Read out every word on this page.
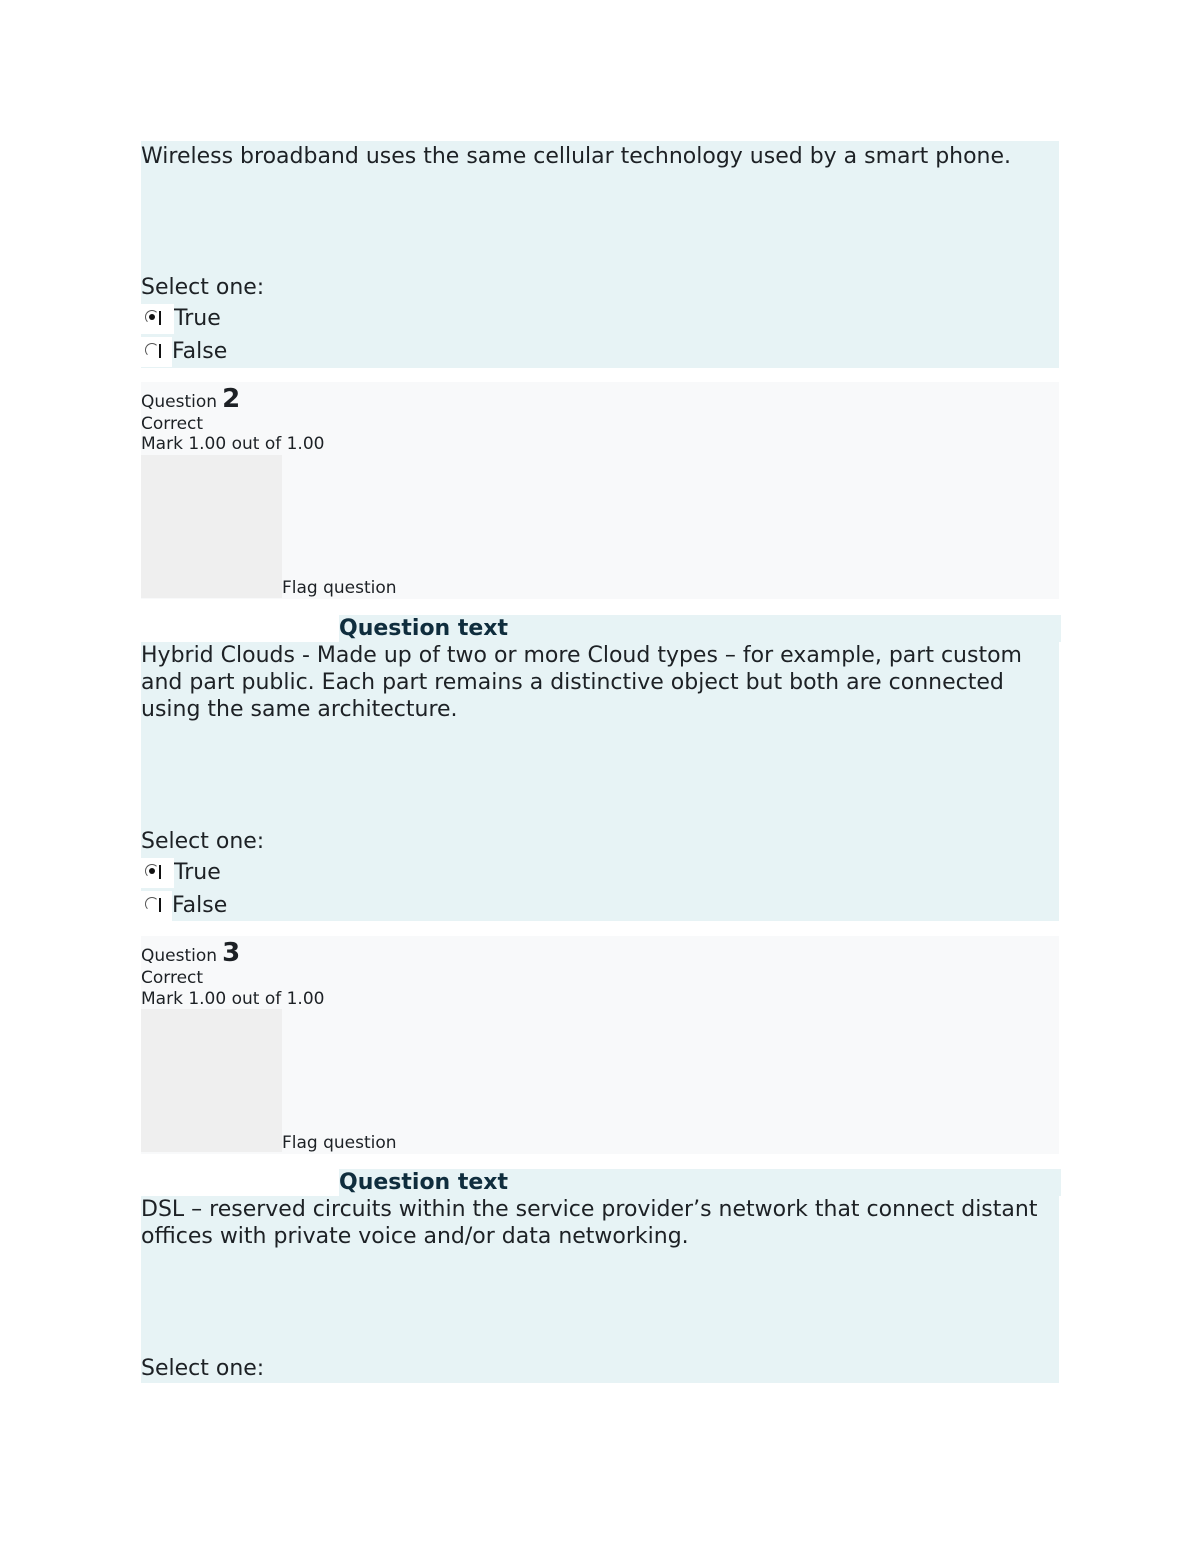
Wireless broadband uses the same cellular technology used by a smart phone.
Select one:
True
False
Question 2
Correct
Mark 1.00 out of 1.00
Flag question
Question text
Hybrid Clouds - Made up of two or more Cloud types – for example, part custom and part public. Each part remains a distinctive object but both are connected using the same architecture.
Select one:
True
False
Question 3
Correct
Mark 1.00 out of 1.00
Flag question
Question text
DSL – reserved circuits within the service provider’s network that connect distant offices with private voice and/or data networking.
Select one:
